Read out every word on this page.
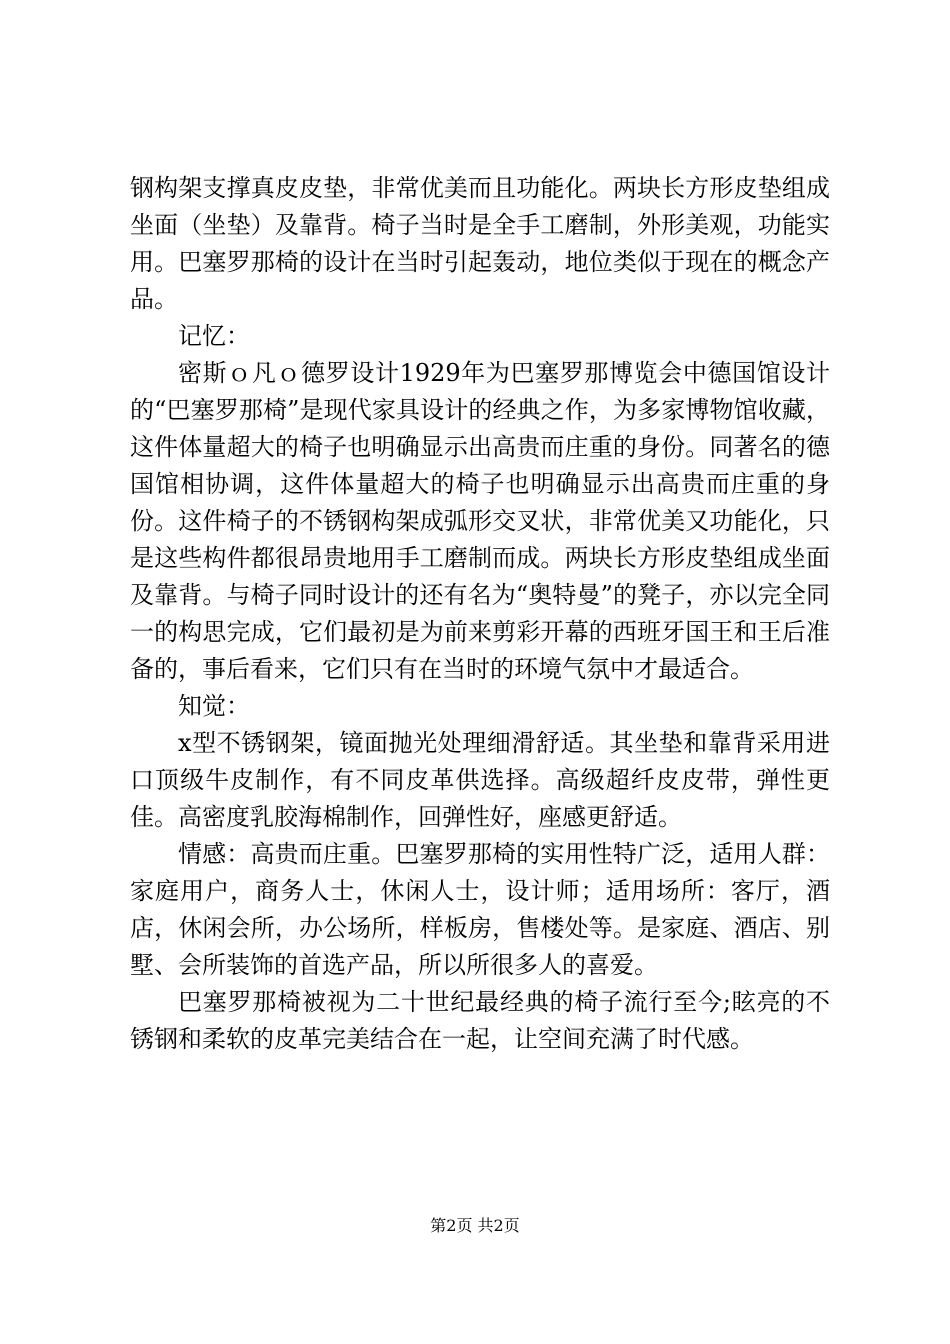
钢构架支撑真皮皮垫，非常优美而且功能化。两块长方形皮垫组成坐面（坐垫）及靠背。椅子当时是全手工磨制，外形美观，功能实用。巴塞罗那椅的设计在当时引起轰动，地位类似于现在的概念产品。

记忆：

密斯ｏ凡ｏ德罗设计1929年为巴塞罗那博览会中德国馆设计的“巴塞罗那椅”是现代家具设计的经典之作，为多家博物馆收藏，这件体量超大的椅子也明确显示出高贵而庄重的身份。同著名的德国馆相协调，这件体量超大的椅子也明确显示出高贵而庄重的身份。这件椅子的不锈钢构架成弧形交叉状，非常优美又功能化，只是这些构件都很昂贵地用手工磨制而成。两块长方形皮垫组成坐面及靠背。与椅子同时设计的还有名为“奥特曼”的凳子，亦以完全同一的构思完成，它们最初是为前来剪彩开幕的西班牙国王和王后准备的，事后看来，它们只有在当时的环境气氛中才最适合。

知觉：

x型不锈钢架，镜面抛光处理细滑舒适。其坐垫和靠背采用进口顶级牛皮制作，有不同皮革供选择。高级超纤皮皮带，弹性更佳。高密度乳胶海棉制作，回弹性好，座感更舒适。

情感：高贵而庄重。巴塞罗那椅的实用性特广泛，适用人群：家庭用户，商务人士，休闲人士，设计师；适用场所：客厅，酒店，休闲会所，办公场所，样板房，售楼处等。是家庭、酒店、别墅、会所装饰的首选产品，所以所很多人的喜爱。

巴塞罗那椅被视为二十世纪最经典的椅子流行至今;眩亮的不锈钢和柔软的皮革完美结合在一起，让空间充满了时代感。

第2页 共2页
